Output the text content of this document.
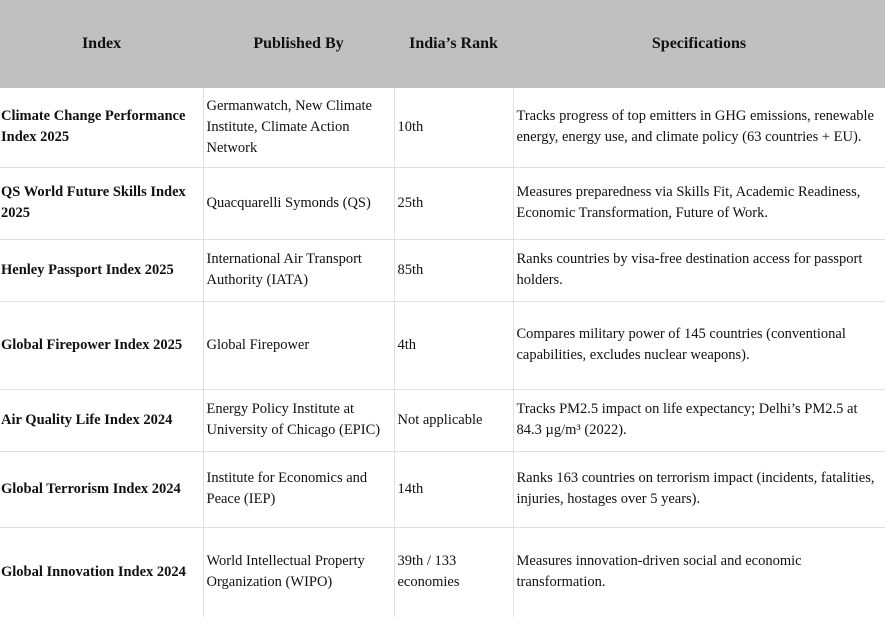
Index	Published By	India’s Rank	Specifications
Climate Change Performance Index 2025	Germanwatch, New Climate Institute, Climate Action Network	10th	Tracks progress of top emitters in GHG emissions, renewable energy, energy use, and climate policy (63 countries + EU).
QS World Future Skills Index 2025	Quacquarelli Symonds (QS)	25th	Measures preparedness via Skills Fit, Academic Readiness, Economic Transformation, Future of Work.
Henley Passport Index 2025	International Air Transport Authority (IATA)	85th	Ranks countries by visa-free destination access for passport holders.
Global Firepower Index 2025	Global Firepower	4th	Compares military power of 145 countries (conventional capabilities, excludes nuclear weapons).
Air Quality Life Index 2024	Energy Policy Institute at University of Chicago (EPIC)	Not applicable	Tracks PM2.5 impact on life expectancy; Delhi’s PM2.5 at 84.3 µg/m³ (2022).
Global Terrorism Index 2024	Institute for Economics and Peace (IEP)	14th	Ranks 163 countries on terrorism impact (incidents, fatalities, injuries, hostages over 5 years).
Global Innovation Index 2024	World Intellectual Property Organization (WIPO)	39th / 133 economies	Measures innovation-driven social and economic transformation.
